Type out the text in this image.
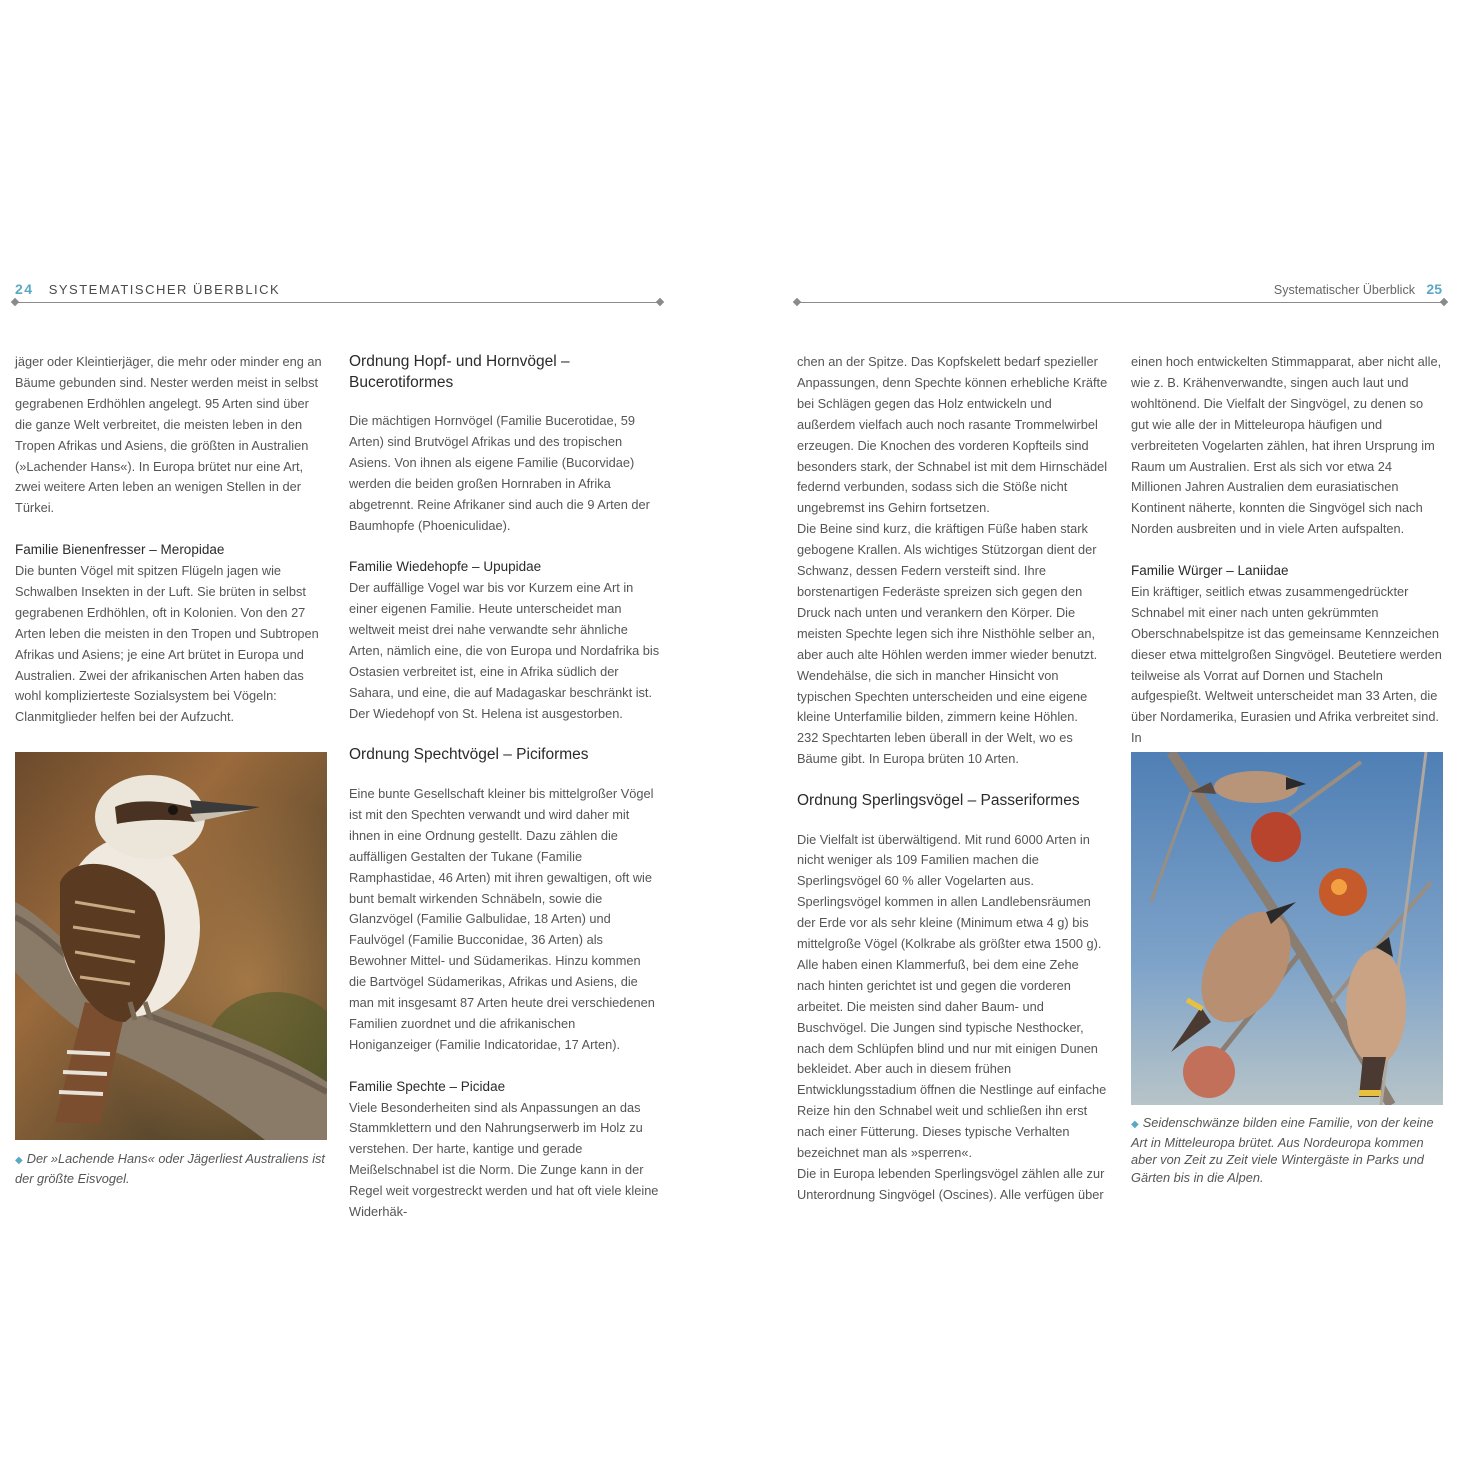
24 SYSTEMATISCHER ÜBERBLICK	Systematischer Überblick 25

jäger oder Kleintierjäger, die mehr oder minder eng an Bäume gebunden sind. Nester werden meist in selbst gegrabenen Erdhöhlen angelegt. 95 Arten sind über die ganze Welt verbreitet, die meisten leben in den Tropen Afrikas und Asiens, die größten in Australien (»Lachender Hans«). In Europa brütet nur eine Art, zwei weitere Arten leben an wenigen Stellen in der Türkei.

Familie Bienenfresser – Meropidae

Die bunten Vögel mit spitzen Flügeln jagen wie Schwalben Insekten in der Luft. Sie brüten in selbst gegrabenen Erdhöhlen, oft in Kolonien. Von den 27 Arten leben die meisten in den Tropen und Subtropen Afrikas und Asiens; je eine Art brütet in Europa und Australien. Zwei der afrikanischen Arten haben das wohl komplizierteste Sozialsystem bei Vögeln: Clanmitglieder helfen bei der Aufzucht.

◆ Der »Lachende Hans« oder Jägerliest Australiens ist der größte Eisvogel.
Ordnung Hopf- und Hornvögel – Bucerotiformes

Die mächtigen Hornvögel (Familie Bucerotidae, 59 Arten) sind Brutvögel Afrikas und des tropischen Asiens. Von ihnen als eigene Familie (Bucorvidae) werden die beiden großen Hornraben in Afrika abgetrennt. Reine Afrikaner sind auch die 9 Arten der Baumhopfe (Phoeniculidae).

Familie Wiedehopfe – Upupidae

Der auffällige Vogel war bis vor Kurzem eine Art in einer eigenen Familie. Heute unterscheidet man weltweit meist drei nahe verwandte sehr ähnliche Arten, nämlich eine, die von Europa und Nordafrika bis Ostasien verbreitet ist, eine in Afrika südlich der Sahara, und eine, die auf Madagaskar beschränkt ist. Der Wiedehopf von St. Helena ist ausgestorben.

Ordnung Spechtvögel – Piciformes

Eine bunte Gesellschaft kleiner bis mittelgroßer Vögel ist mit den Spechten verwandt und wird daher mit ihnen in eine Ordnung gestellt. Dazu zählen die auffälligen Gestalten der Tukane (Familie Ramphastidae, 46 Arten) mit ihren gewaltigen, oft wie bunt bemalt wirkenden Schnäbeln, sowie die Glanzvögel (Familie Galbulidae, 18 Arten) und Faulvögel (Familie Bucconidae, 36 Arten) als Bewohner Mittel- und Südamerikas. Hinzu kommen die Bartvögel Südamerikas, Afrikas und Asiens, die man mit insgesamt 87 Arten heute drei verschiedenen Familien zuordnet und die afrikanischen Honiganzeiger (Familie Indicatoridae, 17 Arten).

Familie Spechte – Picidae

Viele Besonderheiten sind als Anpassungen an das Stammklettern und den Nahrungserwerb im Holz zu verstehen. Der harte, kantige und gerade Meißelschnabel ist die Norm. Die Zunge kann in der Regel weit vorgestreckt werden und hat oft viele kleine Widerhäk-

chen an der Spitze. Das Kopfskelett bedarf spezieller Anpassungen, denn Spechte können erhebliche Kräfte bei Schlägen gegen das Holz entwickeln und außerdem vielfach auch noch rasante Trommelwirbel erzeugen. Die Knochen des vorderen Kopfteils sind besonders stark, der Schnabel ist mit dem Hirnschädel federnd verbunden, sodass sich die Stöße nicht ungebremst ins Gehirn fortsetzen.

Die Beine sind kurz, die kräftigen Füße haben stark gebogene Krallen. Als wichtiges Stützorgan dient der Schwanz, dessen Federn versteift sind. Ihre borstenartigen Federäste spreizen sich gegen den Druck nach unten und verankern den Körper. Die meisten Spechte legen sich ihre Nisthöhle selber an, aber auch alte Höhlen werden immer wieder benutzt. Wendehälse, die sich in mancher Hinsicht von typischen Spechten unterscheiden und eine eigene kleine Unterfamilie bilden, zimmern keine Höhlen.

232 Spechtarten leben überall in der Welt, wo es Bäume gibt. In Europa brüten 10 Arten.

Ordnung Sperlingsvögel – Passeriformes

Die Vielfalt ist überwältigend. Mit rund 6000 Arten in nicht weniger als 109 Familien machen die Sperlingsvögel 60 % aller Vogelarten aus. Sperlingsvögel kommen in allen Landlebensräumen der Erde vor als sehr kleine (Minimum etwa 4 g) bis mittelgroße Vögel (Kolkrabe als größter etwa 1500 g). Alle haben einen Klammerfuß, bei dem eine Zehe nach hinten gerichtet ist und gegen die vorderen arbeitet. Die meisten sind daher Baum- und Buschvögel. Die Jungen sind typische Nesthocker, nach dem Schlüpfen blind und nur mit einigen Dunen bekleidet. Aber auch in diesem frühen Entwicklungsstadium öffnen die Nestlinge auf einfache Reize hin den Schnabel weit und schließen ihn erst nach einer Fütterung. Dieses typische Verhalten bezeichnet man als »sperren«.

Die in Europa lebenden Sperlingsvögel zählen alle zur Unterordnung Singvögel (Oscines). Alle verfügen über

einen hoch entwickelten Stimmapparat, aber nicht alle, wie z. B. Krähenverwandte, singen auch laut und wohltönend. Die Vielfalt der Singvögel, zu denen so gut wie alle der in Mitteleuropa häufigen und verbreiteten Vogelarten zählen, hat ihren Ursprung im Raum um Australien. Erst als sich vor etwa 24 Millionen Jahren Australien dem eurasiatischen Kontinent näherte, konnten die Singvögel sich nach Norden ausbreiten und in viele Arten aufspalten.

Familie Würger – Laniidae

Ein kräftiger, seitlich etwas zusammengedrückter Schnabel mit einer nach unten gekrümmten Oberschnabelspitze ist das gemeinsame Kennzeichen dieser etwa mittelgroßen Singvögel. Beutetiere werden teilweise als Vorrat auf Dornen und Stacheln aufgespießt. Weltweit unterscheidet man 33 Arten, die über Nordamerika, Eurasien und Afrika verbreitet sind. In

◆ Seidenschwänze bilden eine Familie, von der keine Art in Mitteleuropa brütet. Aus Nordeuropa kommen aber von Zeit zu Zeit viele Wintergäste in Parks und Gärten bis in die Alpen.
